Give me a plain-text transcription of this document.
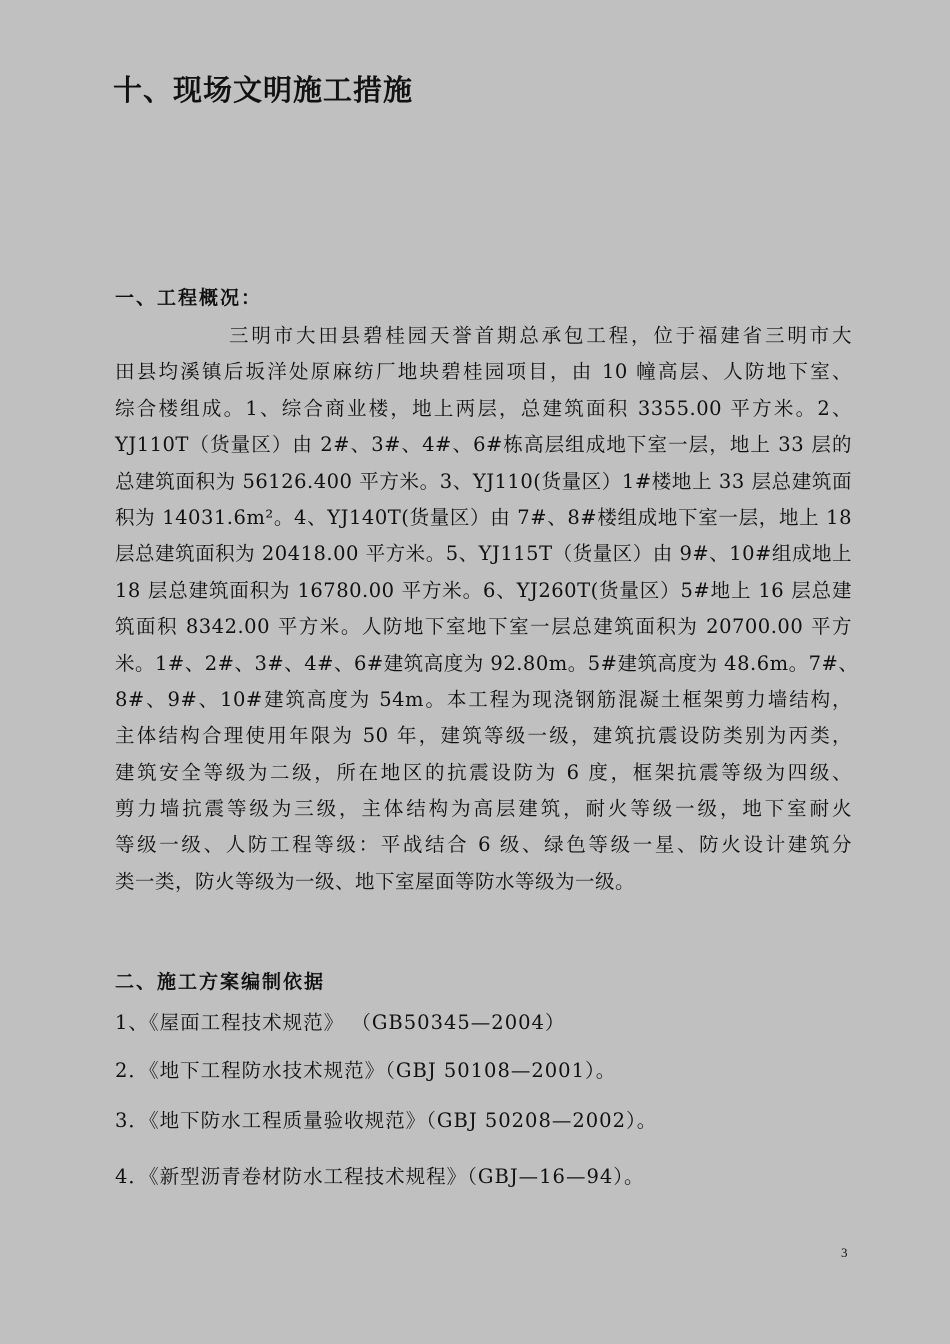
十、现场文明施工措施
一、工程概况：
三明市大田县碧桂园天誉首期总承包工程，位于福建省三明市大
田县均溪镇后坂洋处原麻纺厂地块碧桂园项目，由 10 幢高层、人防地下室、
综合楼组成。1、综合商业楼，地上两层，总建筑面积 3355.00 平方米。2、
YJ110T（货量区）由 2#、3#、4#、6#栋高层组成地下室一层，地上 33 层的
总建筑面积为 56126.400 平方米。3、YJ110(货量区）1#楼地上 33 层总建筑面
积为 14031.6m²。4、YJ140T(货量区）由 7#、8#楼组成地下室一层，地上 18
层总建筑面积为 20418.00 平方米。5、YJ115T（货量区）由 9#、10#组成地上
18 层总建筑面积为 16780.00 平方米。6、YJ260T(货量区）5#地上 16 层总建
筑面积 8342.00 平方米。人防地下室地下室一层总建筑面积为 20700.00 平方
米。1#、2#、3#、4#、6#建筑高度为 92.80m。5#建筑高度为 48.6m。7#、
8#、9#、10#建筑高度为 54m。本工程为现浇钢筋混凝土框架剪力墙结构，
主体结构合理使用年限为 50 年，建筑等级一级，建筑抗震设防类别为丙类，
建筑安全等级为二级，所在地区的抗震设防为 6 度，框架抗震等级为四级、
剪力墙抗震等级为三级，主体结构为高层建筑，耐火等级一级，地下室耐火
等级一级、人防工程等级：平战结合 6 级、绿色等级一星、防火设计建筑分
类一类，防火等级为一级、地下室屋面等防水等级为一级。
二、施工方案编制依据

1、《屋面工程技术规范》 （GB50345—2004）

2．《地下工程防水技术规范》（GBJ 50108—2001）。

3．《地下防水工程质量验收规范》（GBJ 50208—2002）。

4．《新型沥青卷材防水工程技术规程》（GBJ—16—94）。

3
